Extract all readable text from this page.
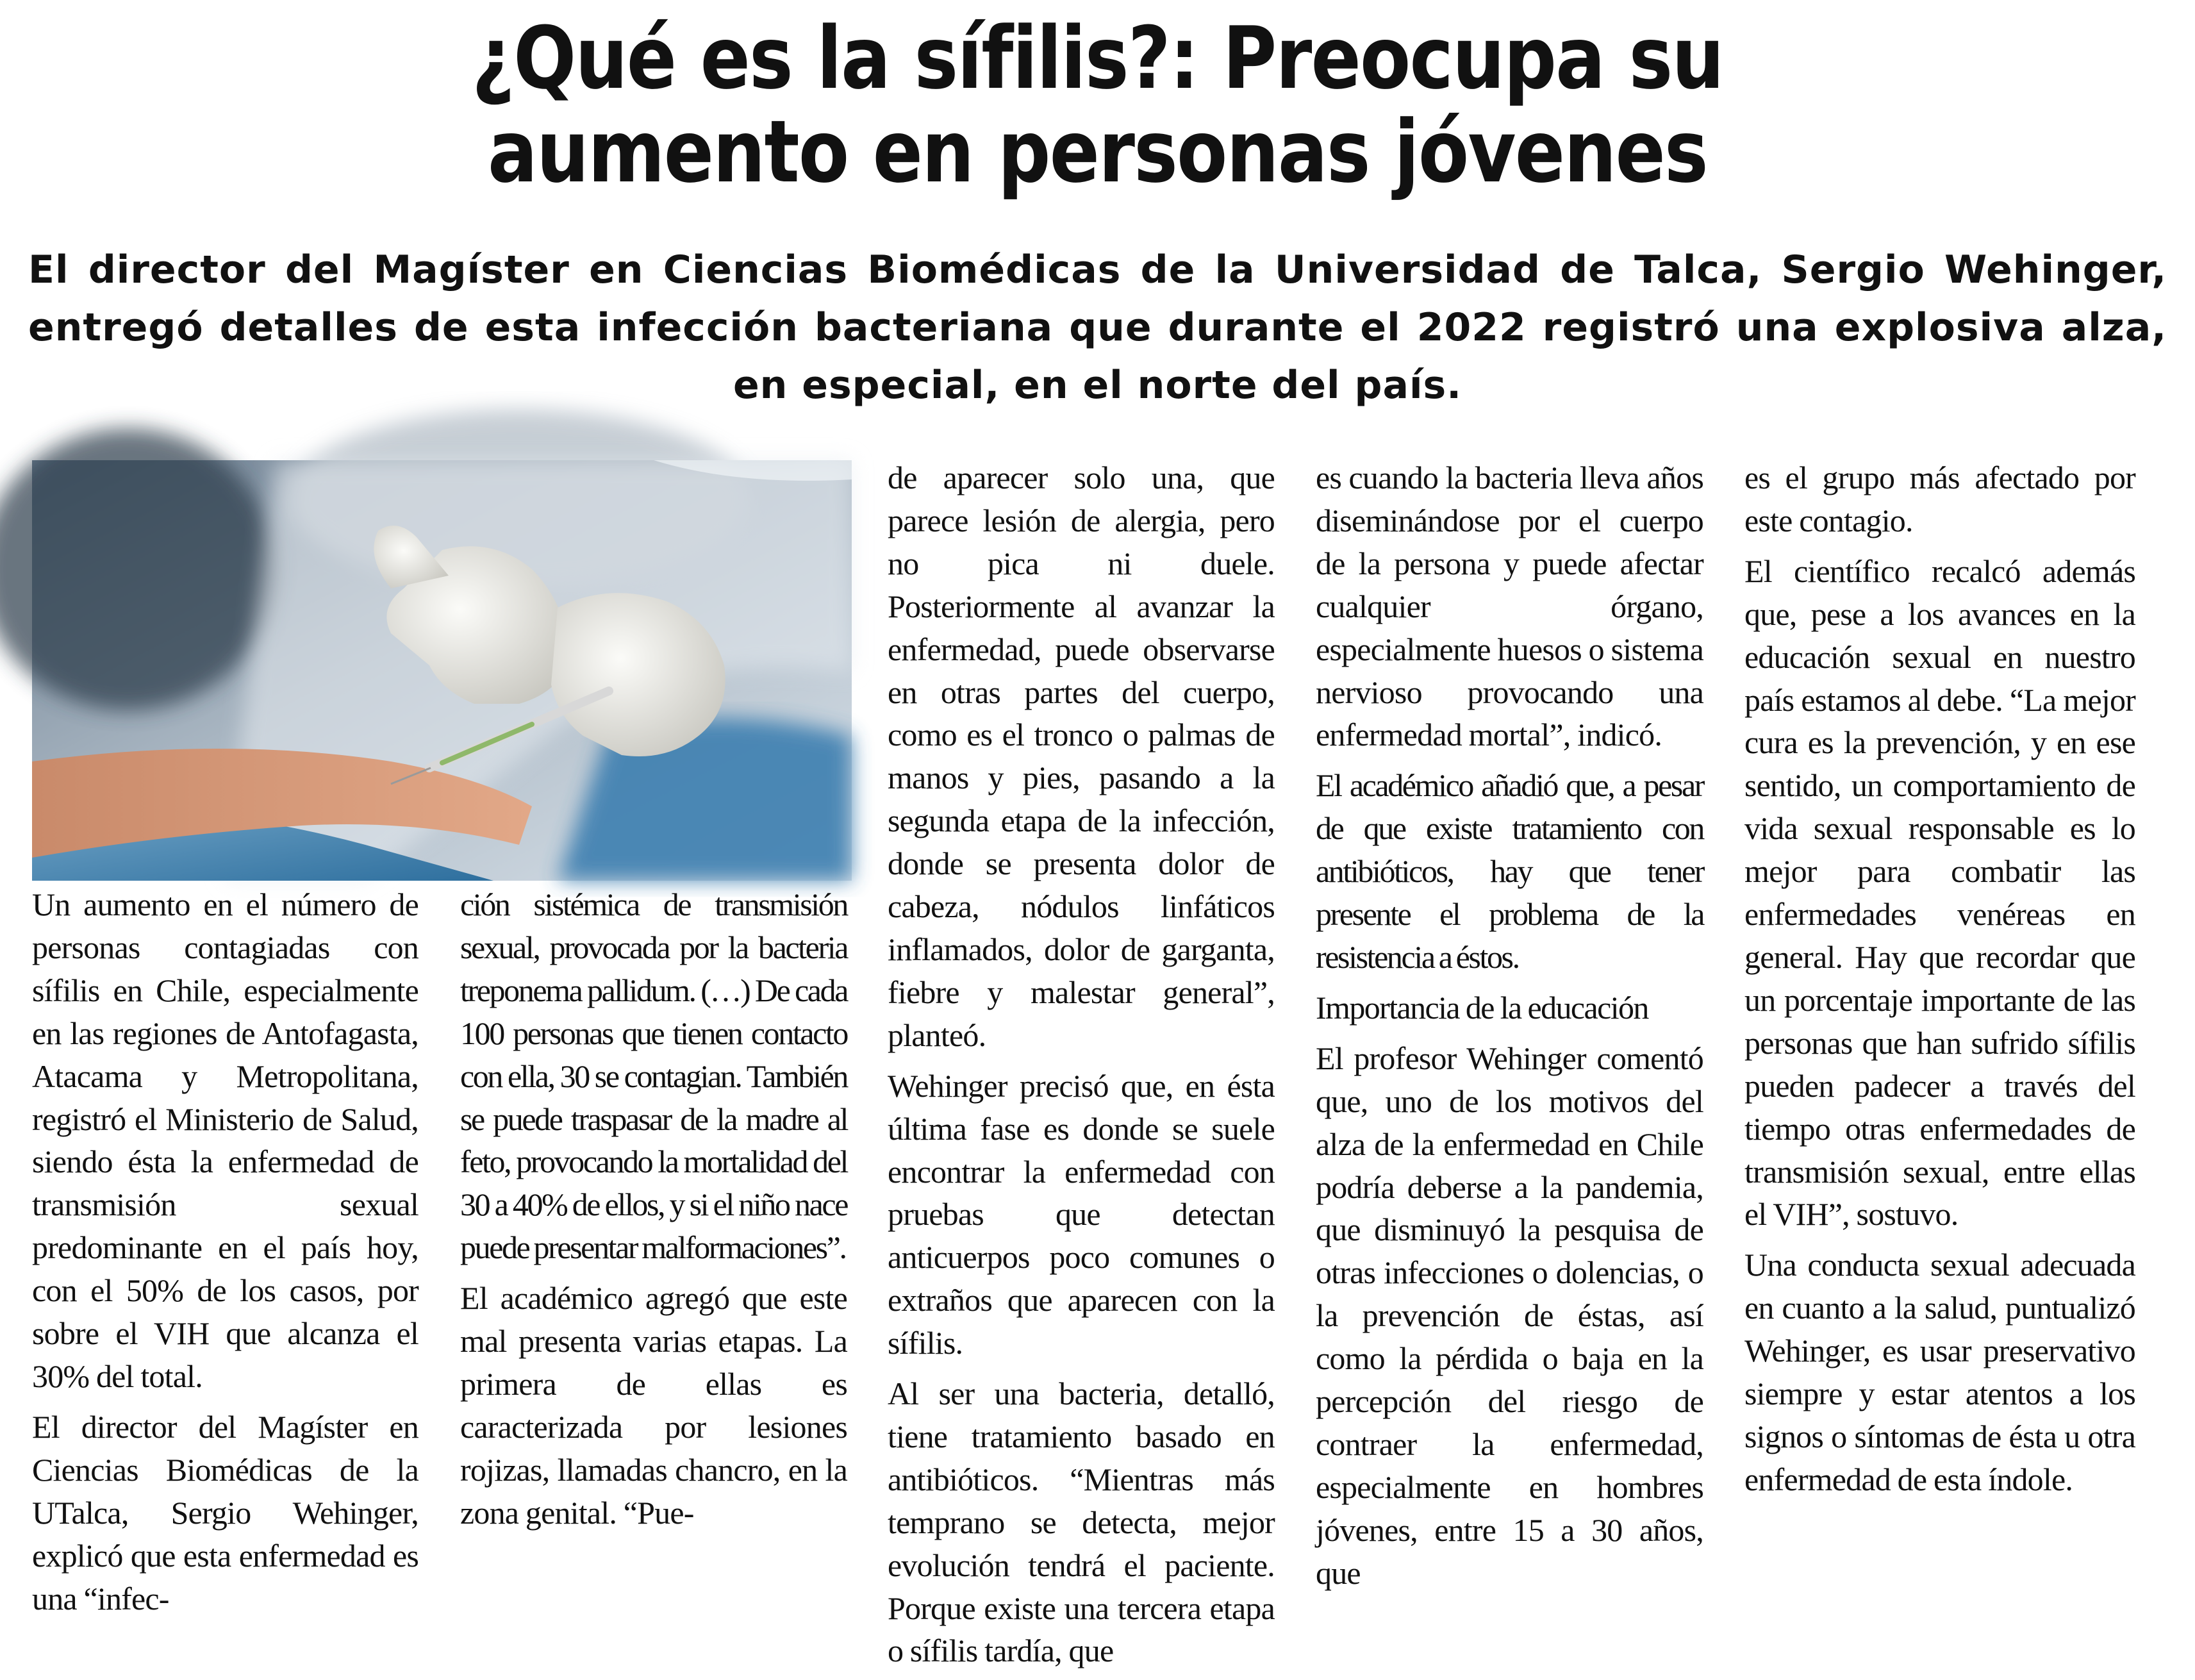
¿Qué es la sífilis?: Preocupa su
aumento en personas jóvenes

El director del Magíster en Ciencias Biomédicas de la Universidad de Talca, Sergio Wehinger, entregó detalles de esta infección bacteriana que durante el 2022 registró una explosiva alza, en especial, en el norte del país.

Un aumento en el número de personas contagiadas con sífilis en Chile, especialmente en las regiones de Antofagasta, Atacama y Metropolitana, registró el Ministerio de Salud, siendo ésta la enfermedad de transmisión sexual predominante en el país hoy, con el 50% de los casos, por sobre el VIH que alcanza el 30% del total.

El director del Magíster en Ciencias Biomédicas de la UTalca, Sergio Wehinger, explicó que esta enfermedad es una “infec-

ción sistémica de transmisión sexual, provocada por la bacteria treponema pallidum. (…) De cada 100 personas que tienen contacto con ella, 30 se contagian. También se puede traspasar de la madre al feto, provocando la mortalidad del 30 a 40% de ellos, y si el niño nace puede presentar malformaciones”.

El académico agregó que este mal presenta varias etapas. La primera de ellas es caracterizada por lesiones rojizas, llamadas chancro, en la zona genital. “Pue-

de aparecer solo una, que parece lesión de alergia, pero no pica ni duele. Posteriormente al avanzar la enfermedad, puede observarse en otras partes del cuerpo, como es el tronco o palmas de manos y pies, pasando a la segunda etapa de la infección, donde se presenta dolor de cabeza, nódulos linfáticos inflamados, dolor de garganta, fiebre y malestar general”, planteó.

Wehinger precisó que, en ésta última fase es donde se suele encontrar la enfermedad con pruebas que detectan anticuerpos poco comunes o extraños que aparecen con la sífilis.

Al ser una bacteria, detalló, tiene tratamiento basado en antibióticos. “Mientras más temprano se detecta, mejor evolución tendrá el paciente. Porque existe una tercera etapa o sífilis tardía, que

es cuando la bacteria lleva años diseminándose por el cuerpo de la persona y puede afectar cualquier órgano, especialmente huesos o sistema nervioso provocando una enfermedad mortal”, indicó.

El académico añadió que, a pesar de que existe tratamiento con antibióticos, hay que tener presente el problema de la resistencia a éstos.

Importancia de la educación

El profesor Wehinger comentó que, uno de los motivos del alza de la enfermedad en Chile podría deberse a la pandemia, que disminuyó la pesquisa de otras infecciones o dolencias, o la prevención de éstas, así como la pérdida o baja en la percepción del riesgo de contraer la enfermedad, especialmente en hombres jóvenes, entre 15 a 30 años, que

es el grupo más afectado por este contagio.

El científico recalcó además que, pese a los avances en la educación sexual en nuestro país estamos al debe. “La mejor cura es la prevención, y en ese sentido, un comportamiento de vida sexual responsable es lo mejor para combatir las enfermedades venéreas en general. Hay que recordar que un porcentaje importante de las personas que han sufrido sífilis pueden padecer a través del tiempo otras enfermedades de transmisión sexual, entre ellas el VIH”, sostuvo.

Una conducta sexual adecuada en cuanto a la salud, puntualizó Wehinger, es usar preservativo siempre y estar atentos a los signos o síntomas de ésta u otra enfermedad de esta índole.
